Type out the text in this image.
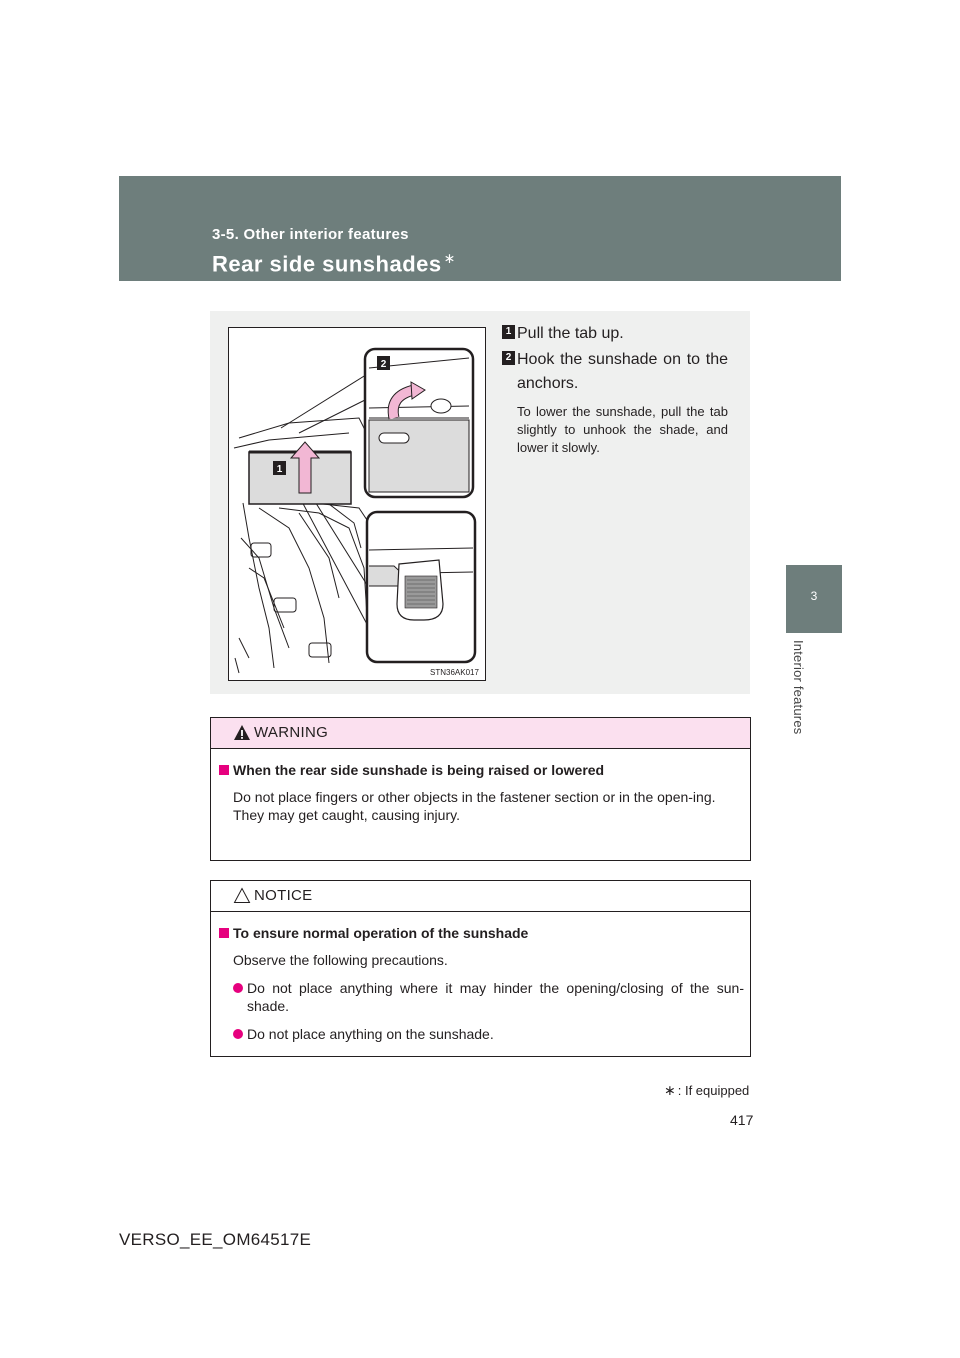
3-5. Other interior features
Rear side sunshades ∗
3
Interior features
1
2
STN36AK017
1 Pull the tab up.
2 Hook the sunshade on to the anchors.
To lower the sunshade, pull the tab slightly to unhook the shade, and lower it slowly.
WARNING
When the rear side sunshade is being raised or lowered
Do not place fingers or other objects in the fastener section or in the open-ing.
They may get caught, causing injury.
NOTICE
To ensure normal operation of the sunshade
Observe the following precautions.
Do not place anything where it may hinder the opening/closing of the sun-shade.
Do not place anything on the sunshade.
∗ : If equipped
417
VERSO_EE_OM64517E
